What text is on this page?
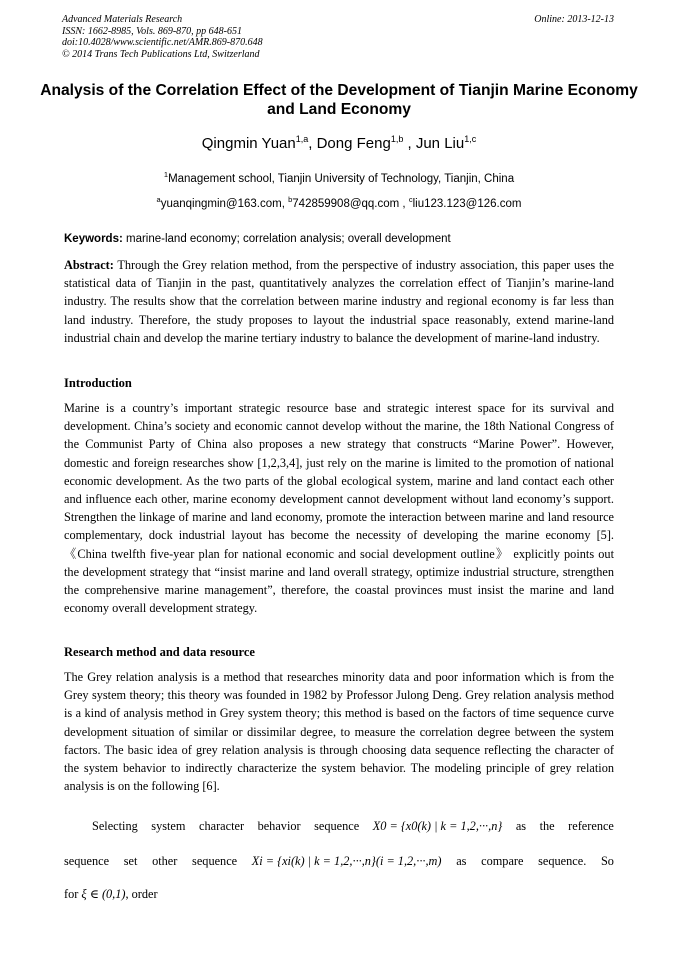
Advanced Materials Research
ISSN: 1662-8985, Vols. 869-870, pp 648-651
doi:10.4028/www.scientific.net/AMR.869-870.648
© 2014 Trans Tech Publications Ltd, Switzerland
Online: 2013-12-13
Analysis of the Correlation Effect of the Development of Tianjin Marine Economy and Land Economy
Qingmin Yuan$^{1,a}$, Dong Feng$^{1,b}$ , Jun Liu$^{1,c}$
$^1$Management school, Tianjin University of Technology, Tianjin, China
$^a$yuanqingmin@163.com, $^b$742859908@qq.com , $^c$liu123.123@126.com
Keywords: marine-land economy; correlation analysis; overall development

Abstract: Through the Grey relation method, from the perspective of industry association, this paper uses the statistical data of Tianjin in the past, quantitatively analyzes the correlation effect of Tianjin’s marine-land industry. The results show that the correlation between marine industry and regional economy is far less than land industry. Therefore, the study proposes to layout the industrial space reasonably, extend marine-land industrial chain and develop the marine tertiary industry to balance the development of marine-land industry.

Introduction

Marine is a country’s important strategic resource base and strategic interest space for its survival and development. China’s society and economic cannot develop without the marine, the 18th National Congress of the Communist Party of China also proposes a new strategy that constructs “Marine Power”. However, domestic and foreign researches show [1,2,3,4], just rely on the marine is limited to the promotion of national economic development. As the two parts of the global ecological system, marine and land contact each other and influence each other, marine economy development cannot development without land economy’s support. Strengthen the linkage of marine and land economy, promote the interaction between marine and land resource complementary, dock industrial layout has become the necessity of developing the marine economy [5].《China twelfth five-year plan for national economic and social development outline》 explicitly points out the development strategy that “insist marine and land overall strategy, optimize industrial structure, strengthen the comprehensive marine management”, therefore, the coastal provinces must insist the marine and land economy overall development strategy.

Research method and data resource

The Grey relation analysis is a method that researches minority data and poor information which is from the Grey system theory; this theory was founded in 1982 by Professor Julong Deng. Grey relation analysis method is a kind of analysis method in Grey system theory; this method is based on the factors of time sequence curve development situation of similar or dissimilar degree, to measure the correlation degree between the system factors. The basic idea of grey relation analysis is through choosing data sequence reflecting the character of the system behavior to indirectly characterize the system behavior. The modeling principle of grey relation analysis is on the following [6].

Selecting system character behavior sequence X0 = {x0(k) | k = 1,2,···,n} as the reference
sequence set other sequence Xi = {xi(k) | k = 1,2,···,n}(i = 1,2,···,m) as compare sequence. So

for ξ ∈ (0,1), order
